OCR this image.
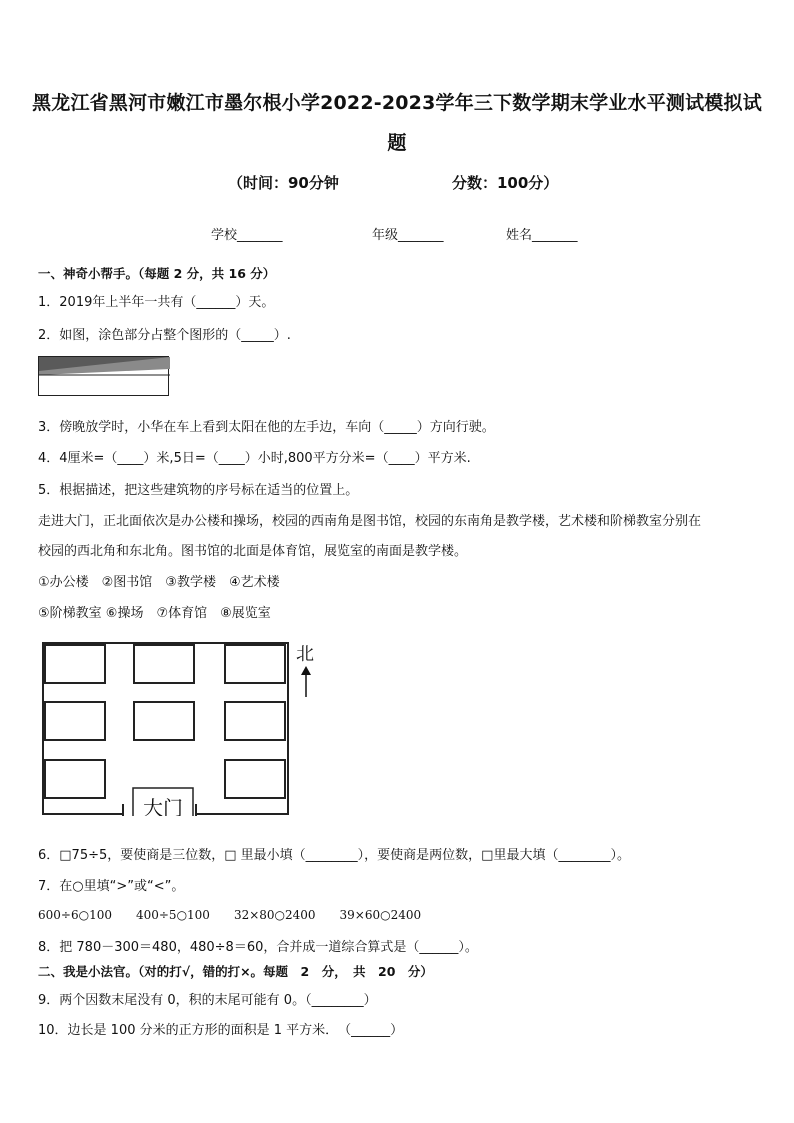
黑龙江省黑河市嫩江市墨尔根小学2022-2023学年三下数学期末学业水平测试模拟试
题
（时间：90分钟	分数：100分）
学校_______	年级_______	姓名_______
一、神奇小帮手。（每题 2 分，共 16 分）
1．2019年上半年一共有（______）天。
2．如图，涂色部分占整个图形的（_____）.
3．傍晚放学时，小华在车上看到太阳在他的左手边，车向（_____）方向行驶。
4．4厘米=（____）米,5日=（____）小时,800平方分米=（____）平方米.
5．根据描述，把这些建筑物的序号标在适当的位置上。
走进大门，正北面依次是办公楼和操场，校园的西南角是图书馆，校园的东南角是教学楼，艺术楼和阶梯教室分别在
校园的西北角和东北角。图书馆的北面是体育馆，展览室的南面是教学楼。
①办公楼　②图书馆　③教学楼　④艺术楼
⑤阶梯教室 ⑥操场　⑦体育馆　⑧展览室
大门
北
6．□75÷5，要使商是三位数，□ 里最小填（________），要使商是两位数，□里最大填（________）。
7．在○里填“>”或“<”。
600÷6○100　　400÷5○100　　32×80○2400　　39×60○2400
8．把 780－300＝480，480÷8＝60，合并成一道综合算式是（______）。
二、我是小法官。（对的打√，错的打×。每题　2　分，　共　20　分）
9．两个因数末尾没有 0，积的末尾可能有 0。（________）
10．边长是 100 分米的正方形的面积是 1 平方米．　（______）
